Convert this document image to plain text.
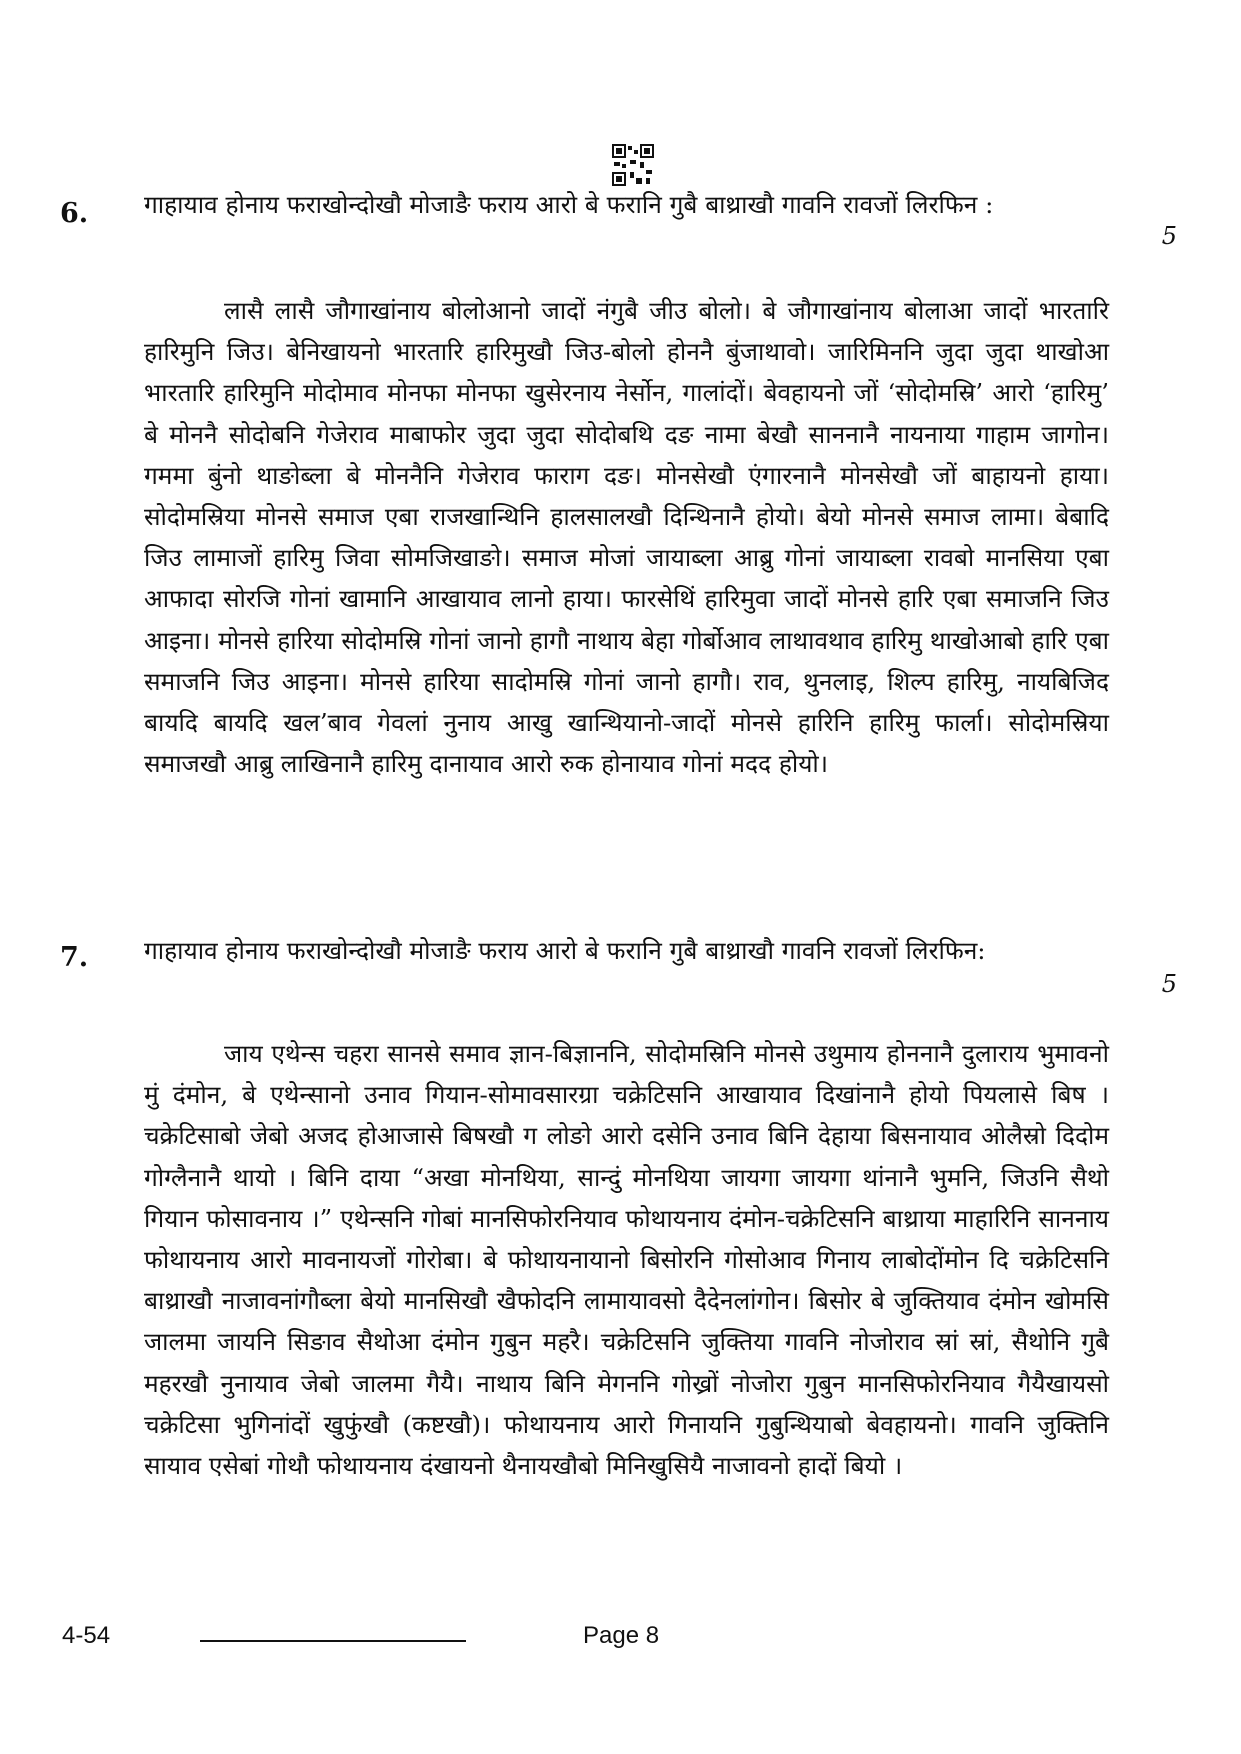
6. गाहायाव होनाय फराखोन्दोखौ मोजाङै फराय आरो बे फरानि गुबै बाथ्राखौ गावनि रावजों लिरफिन :
5
लासै लासै जौगाखांनाय बोलोआनो जादों नंगुबै जीउ बोलो। बे जौगाखांनाय बोलाआ जादों भारतारि हारिमुनि जिउ। बेनिखायनो भारतारि हारिमुखौ जिउ-बोलो होननै बुंजाथावो। जारिमिननि जुदा जुदा थाखोआ भारतारि हारिमुनि मोदोमाव मोनफा मोनफा खुसेरनाय नेर्सोन, गालांदों। बेवहायनो जों ‘सोदोमस्रि’ आरो ‘हारिमु’ बे मोननै सोदोबनि गेजेराव माबाफोर जुदा जुदा सोदोबथि दङ नामा बेखौ साननानै नायनाया गाहाम जागोन। गममा बुंनो थाङोब्ला बे मोननैनि गेजेराव फाराग दङ। मोनसेखौ एंगारनानै मोनसेखौ जों बाहायनो हाया। सोदोमस्रिया मोनसे समाज एबा राजखान्थिनि हालसालखौ दिन्थिनानै होयो। बेयो मोनसे समाज लामा। बेबादि जिउ लामाजों हारिमु जिवा सोमजिखाङो। समाज मोजां जायाब्ला आब्रु गोनां जायाब्ला रावबो मानसिया एबा आफादा सोरजि गोनां खामानि आखायाव लानो हाया। फारसेथिं हारिमुवा जादों मोनसे हारि एबा समाजनि जिउ आइना। मोनसे हारिया सोदोमस्रि गोनां जानो हागौ नाथाय बेहा गोर्बोआव लाथावथाव हारिमु थाखोआबो हारि एबा समाजनि जिउ आइना। मोनसे हारिया सादोमस्रि गोनां जानो हागौ। राव, थुनलाइ, शिल्प हारिमु, नायबिजिद बायदि बायदि खल’बाव गेवलां नुनाय आखु खान्थियानो-जादों मोनसे हारिनि हारिमु फार्ला। सोदोमस्रिया समाजखौ आब्रु लाखिनानै हारिमु दानायाव आरो रुक होनायाव गोनां मदद होयो।
7. गाहायाव होनाय फराखोन्दोखौ मोजाङै फराय आरो बे फरानि गुबै बाथ्राखौ गावनि रावजों लिरफिन:
5
जाय एथेन्स चहरा सानसे समाव ज्ञान-बिज्ञाननि, सोदोमस्रिनि मोनसे उथुमाय होननानै दुलाराय भुमावनो मुं दंमोन, बे एथेन्सानो उनाव गियान-सोमावसारग्रा चक्रेटिसनि आखायाव दिखांनानै होयो पियलासे बिष । चक्रेटिसाबो जेबो अजद होआजासे बिषखौ ग लोङो आरो दसेनि उनाव बिनि देहाया बिसनायाव ओलैस्रो दिदोम गोग्लैनानै थायो । बिनि दाया “अखा मोनथिया, सान्दुं मोनथिया जायगा जायगा थांनानै भुमनि, जिउनि सैथो गियान फोसावनाय ।” एथेन्सनि गोबां मानसिफोरनियाव फोथायनाय दंमोन-चक्रेटिसनि बाथ्राया माहारिनि साननाय फोथायनाय आरो मावनायजों गोरोबा। बे फोथायनायानो बिसोरनि गोसोआव गिनाय लाबोदोंमोन दि चक्रेटिसनि बाथ्राखौ नाजावनांगौब्ला बेयो मानसिखौ खैफोदनि लामायावसो दैदेनलांगोन। बिसोर बे जुक्तियाव दंमोन खोमसि जालमा जायनि सिङाव सैथोआ दंमोन गुबुन महरै। चक्रेटिसनि जुक्तिया गावनि नोजोराव स्रां स्रां, सैथोनि गुबै महरखौ नुनायाव जेबो जालमा गैयै। नाथाय बिनि मेगननि गोख्रों नोजोरा गुबुन मानसिफोरनियाव गैयैखायसो चक्रेटिसा भुगिनांदों खुफुंखौ (कष्टखौ)। फोथायनाय आरो गिनायनि गुबुन्थियाबो बेवहायनो। गावनि जुक्तिनि सायाव एसेबां गोथौ फोथायनाय दंखायनो थैनायखौबो मिनिखुसियै नाजावनो हादों बियो ।
4-54	Page 8
